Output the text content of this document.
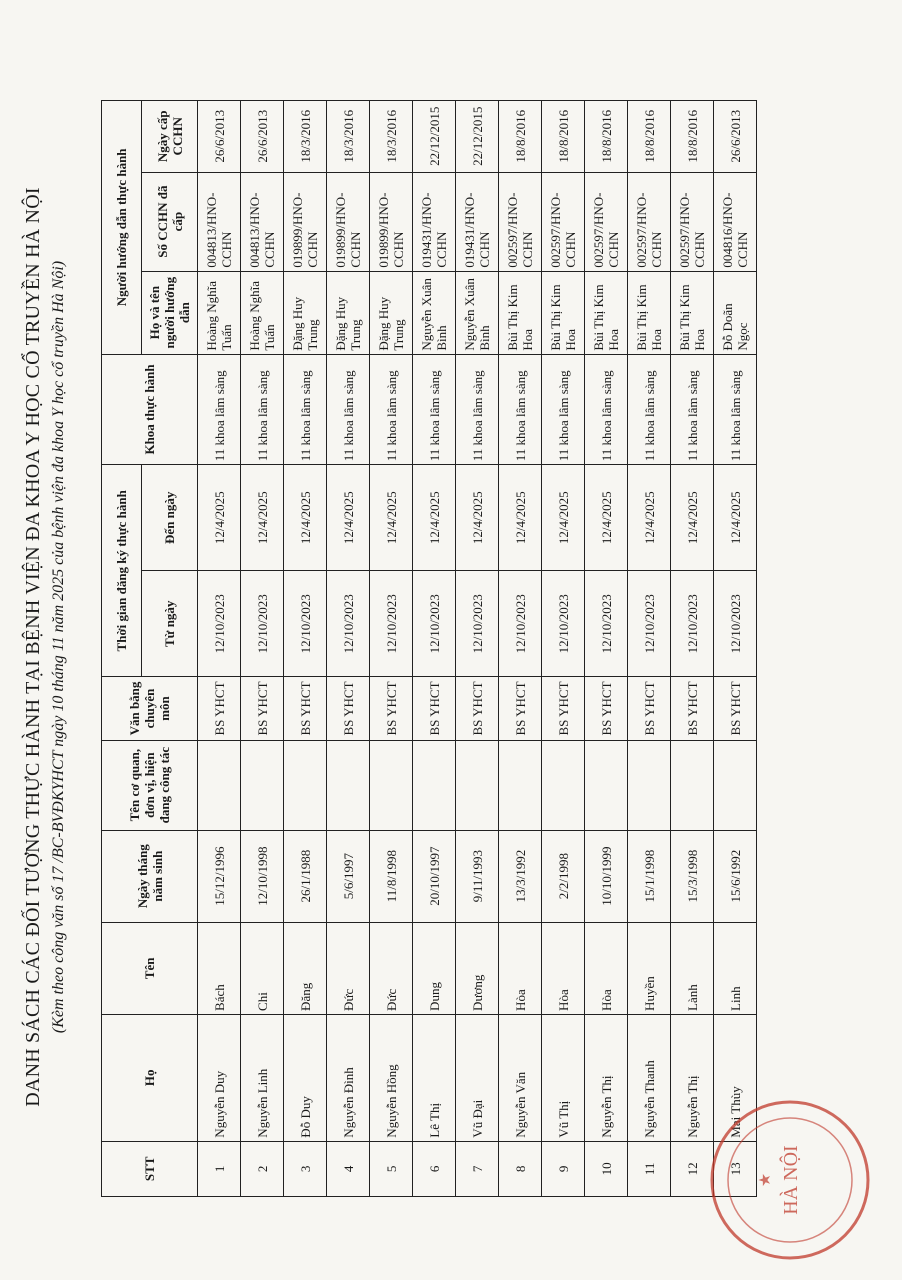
DANH SÁCH CÁC ĐỐI TƯỢNG THỰC HÀNH TẠI BỆNH VIỆN ĐA KHOA Y HỌC CỔ TRUYỀN HÀ NỘI (Kèm theo công văn số 17 /BC-BVĐKYHCT ngày 10 tháng 11 năm 2025 của bệnh viện đa khoa Y học cổ truyền Hà Nội)
STT	Họ	Tên	Ngày tháng năm sinh	Tên cơ quan, đơn vị, hiện đang công tác	Văn bằng chuyên môn	Thời gian đăng ký thực hành		Khoa thực hành	Người hướng dẫn thực hành		
						Từ ngày	Đến ngày		Họ và tên người hướng dẫn	Số CCHN đã cấp	Ngày cấp CCHN
1	Nguyễn Duy	Bách	15/12/1996		BS YHCT	12/10/2023	12/4/2025	11 khoa lâm sàng	Hoàng Nghĩa Tuấn	004813/HNO-CCHN	26/6/2013
2	Nguyễn Linh	Chi	12/10/1998		BS YHCT	12/10/2023	12/4/2025	11 khoa lâm sàng	Hoàng Nghĩa Tuấn	004813/HNO-CCHN	26/6/2013
3	Đỗ Duy	Đăng	26/1/1988		BS YHCT	12/10/2023	12/4/2025	11 khoa lâm sàng	Đặng Huy Trung	019899/HNO-CCHN	18/3/2016
4	Nguyễn Đình	Đức	5/6/1997		BS YHCT	12/10/2023	12/4/2025	11 khoa lâm sàng	Đặng Huy Trung	019899/HNO-CCHN	18/3/2016
5	Nguyễn Hồng	Đức	11/8/1998		BS YHCT	12/10/2023	12/4/2025	11 khoa lâm sàng	Đặng Huy Trung	019899/HNO-CCHN	18/3/2016
6	Lê Thị	Dung	20/10/1997		BS YHCT	12/10/2023	12/4/2025	11 khoa lâm sàng	Nguyễn Xuân Bình	019431/HNO-CCHN	22/12/2015
7	Vũ Đại	Dương	9/11/1993		BS YHCT	12/10/2023	12/4/2025	11 khoa lâm sàng	Nguyễn Xuân Bình	019431/HNO-CCHN	22/12/2015
8	Nguyễn Văn	Hòa	13/3/1992		BS YHCT	12/10/2023	12/4/2025	11 khoa lâm sàng	Bùi Thị Kim Hoa	002597/HNO-CCHN	18/8/2016
9	Vũ Thị	Hòa	2/2/1998		BS YHCT	12/10/2023	12/4/2025	11 khoa lâm sàng	Bùi Thị Kim Hoa	002597/HNO-CCHN	18/8/2016
10	Nguyễn Thị	Hòa	10/10/1999		BS YHCT	12/10/2023	12/4/2025	11 khoa lâm sàng	Bùi Thị Kim Hoa	002597/HNO-CCHN	18/8/2016
11	Nguyễn Thanh	Huyền	15/1/1998		BS YHCT	12/10/2023	12/4/2025	11 khoa lâm sàng	Bùi Thị Kim Hoa	002597/HNO-CCHN	18/8/2016
12	Nguyễn Thị	Lành	15/3/1998		BS YHCT	12/10/2023	12/4/2025	11 khoa lâm sàng	Bùi Thị Kim Hoa	002597/HNO-CCHN	18/8/2016
13	Mai Thùy	Linh	15/6/1992		BS YHCT	12/10/2023	12/4/2025	11 khoa lâm sàng	Đỗ Doãn Ngọc	004816/HNO-CCHN	26/6/2013
HÀ NỘI
★
